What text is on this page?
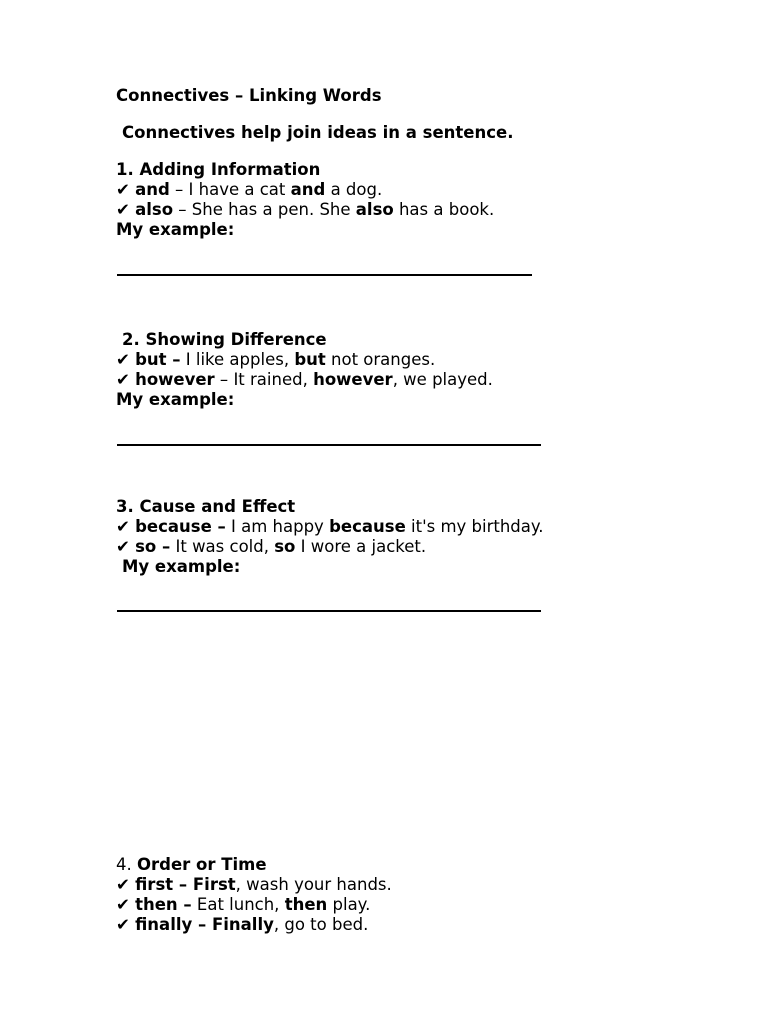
Connectives – Linking Words
Connectives help join ideas in a sentence.
1. Adding Information
✔ and – I have a cat and a dog.
✔ also – She has a pen. She also has a book.
My example:
2. Showing Difference
✔ but – I like apples, but not oranges.
✔ however – It rained, however, we played.
My example:
3. Cause and Effect
✔ because – I am happy because it's my birthday.
✔ so – It was cold, so I wore a jacket.
My example:
4. Order or Time
✔ first – First, wash your hands.
✔ then – Eat lunch, then play.
✔ finally – Finally, go to bed.
